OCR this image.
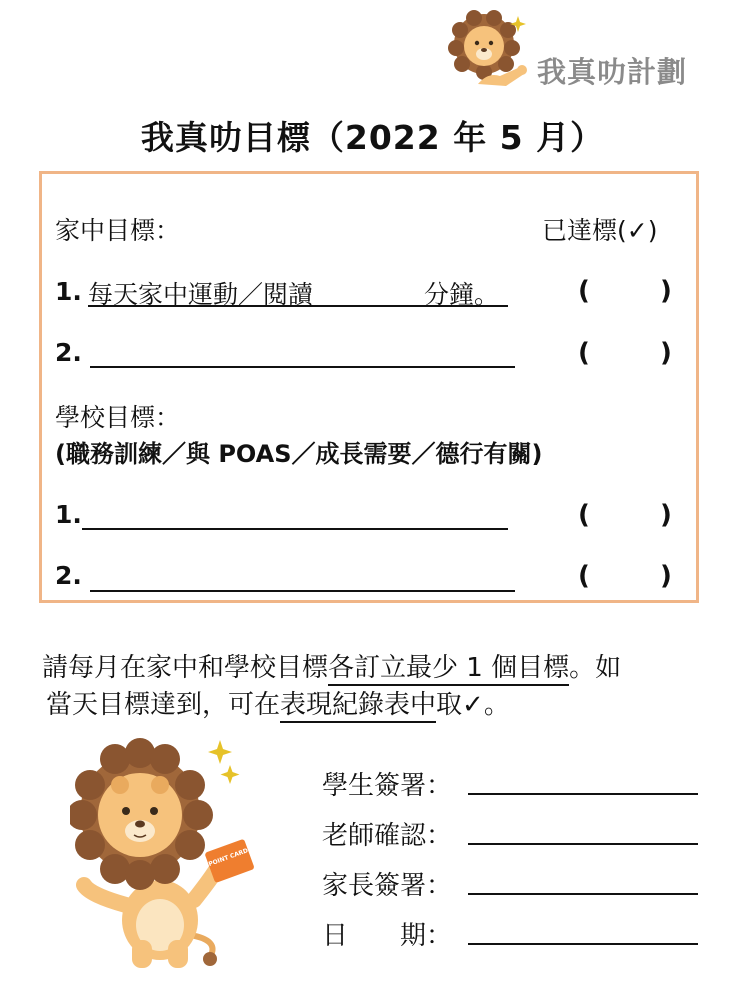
我真叻計劃
我真叻目標（2022 年 5 月）
家中目標：	已達標(✓)
1. 每天家中運動／閱讀	分鐘。	(	)
2.	(	)
學校目標：
(職務訓練／與 POAS／成長需要／德行有關)
1.	(	)
2.	(	)
請每月在家中和學校目標各訂立最少 1 個目標。如
當天目標達到，可在表現紀錄表中取✓。
POINT CARD
學生簽署：
老師確認：
家長簽署：
日 期：
